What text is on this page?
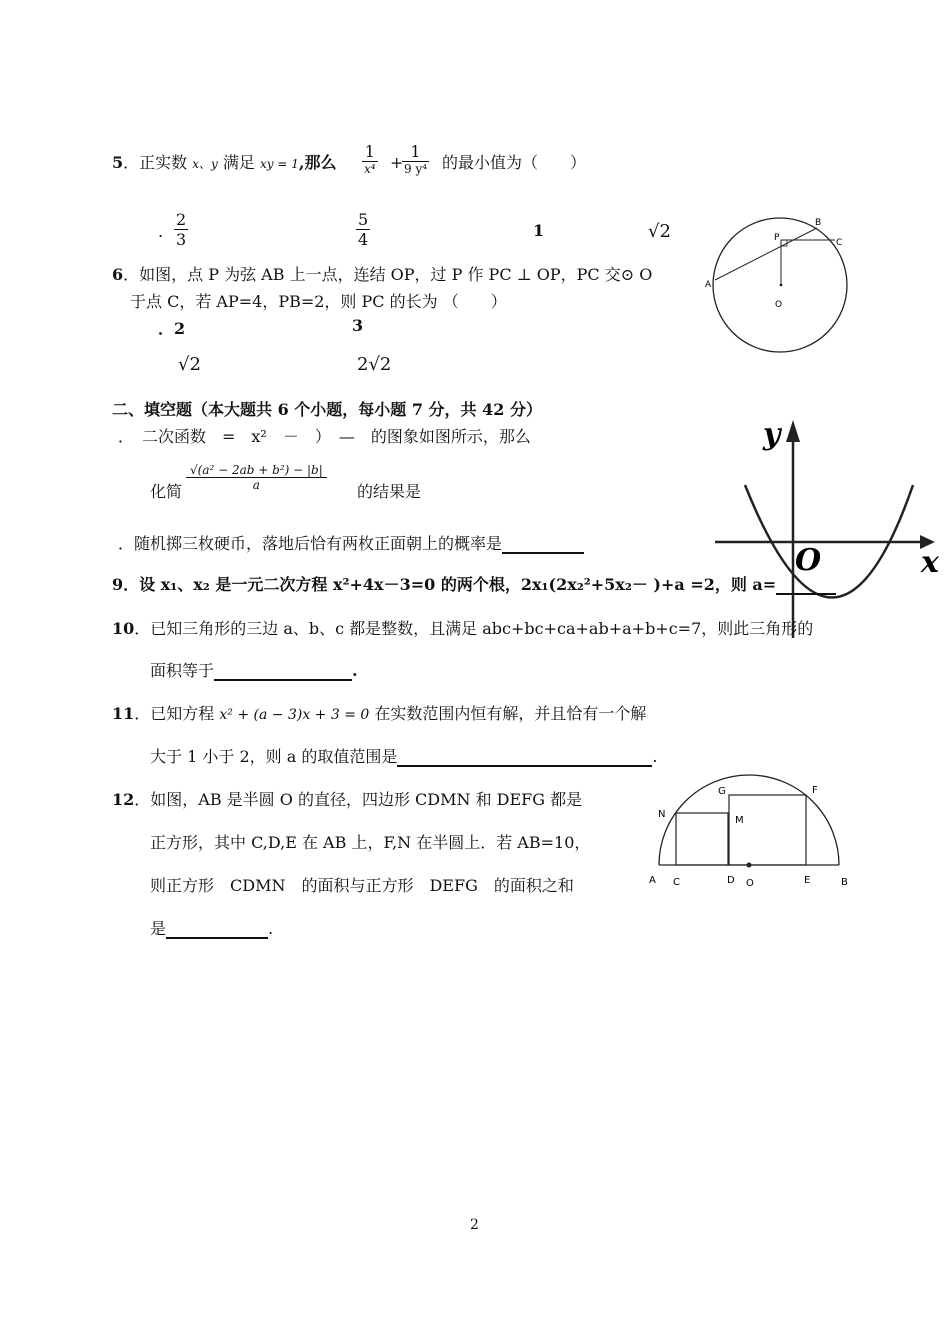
5．正实数 x、y 满足 xy = 1,那么
1
x⁴ +
1
9 y⁴ 的最小值为（　　）
.
2
3
5
4	1	√2
6．如图，点 P 为弦 AB 上一点，连结 OP，过 P 作 PC ⊥ OP，PC 交⊙ O
于点 C，若 AP=4，PB=2，则 PC 的长为 （　　）
．2	3
√2	2√2
A
B
C
P
O
二、填空题（本大题共 6 个小题，每小题 7 分，共 42 分）
．　二次函数　=　x²　－　）　—　的图象如图所示，那么
化简
√(a² − 2ab + b²) − |b|
a	的结果是
y
x
O
．随机掷三枚硬币，落地后恰有两枚正面朝上的概率是
9．设 x₁、x₂ 是一元二次方程 x²+4x－3=0 的两个根，2x₁(2x₂²+5x₂－ )+a =2，则 a=
10．已知三角形的三边 a、b、c 都是整数，且满足 abc+bc+ca+ab+a+b+c=7，则此三角形的
面积等于	.
11．已知方程 x² + (a − 3)x + 3 = 0 在实数范围内恒有解，并且恰有一个解
大于 1 小于 2，则 a 的取值范围是	.
12．如图，AB 是半圆 O 的直径，四边形 CDMN 和 DEFG 都是
正方形，其中 C,D,E 在 AB 上，F,N 在半圆上．若 AB=10，
则正方形　CDMN　的面积与正方形　DEFG　的面积之和
是	.
A C	D O	E	B
N
M
G	F
2
